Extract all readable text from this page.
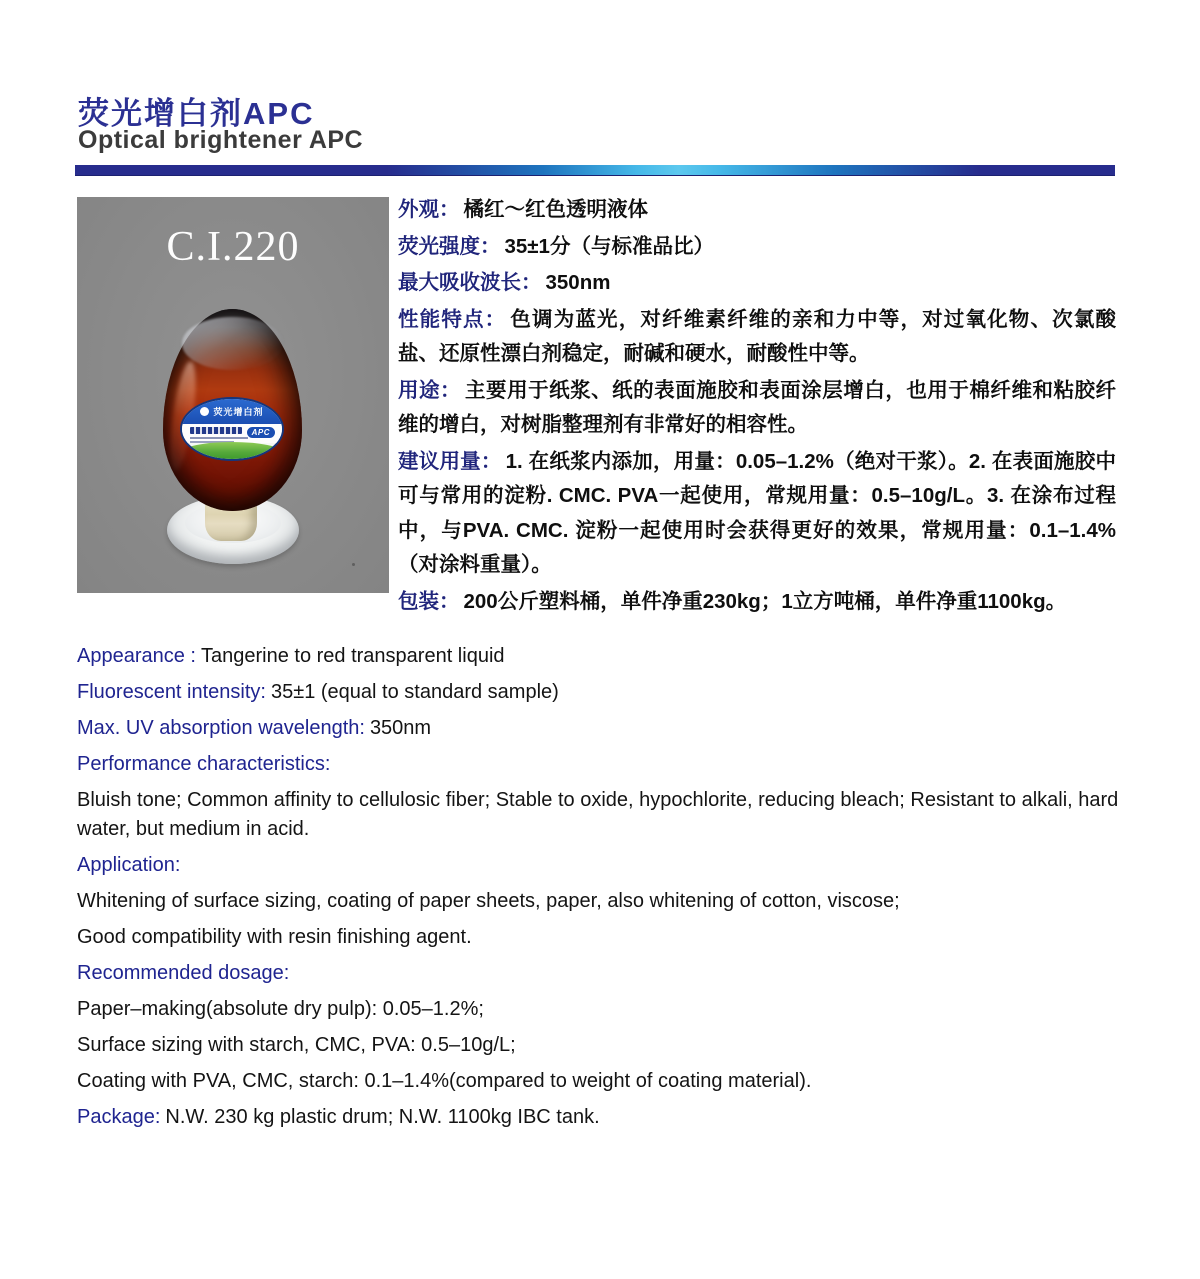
荧光增白剂APC
Optical brightener APC
C.I.220
荧光增白剂
APC

外观： 橘红～红色透明液体

荧光强度： 35±1分（与标准品比）

最大吸收波长： 350nm

性能特点： 色调为蓝光，对纤维素纤维的亲和力中等，对过氧化物、次氯酸盐、还原性漂白剂稳定，耐碱和硬水，耐酸性中等。

用途： 主要用于纸浆、纸的表面施胶和表面涂层增白，也用于棉纤维和粘胶纤维的增白，对树脂整理剂有非常好的相容性。

建议用量： 1. 在纸浆内添加，用量：0.05–1.2%（绝对干浆）。2. 在表面施胶中可与常用的淀粉. CMC. PVA一起使用，常规用量：0.5–10g/L。3. 在涂布过程中，与PVA. CMC. 淀粉一起使用时会获得更好的效果，常规用量：0.1–1.4%（对涂料重量）。

包装： 200公斤塑料桶，单件净重230kg；1立方吨桶，单件净重1100kg。

Appearance : Tangerine to red transparent liquid

Fluorescent intensity: 35±1 (equal to standard sample)

Max. UV absorption wavelength: 350nm

Performance characteristics:

Bluish tone; Common affinity to cellulosic fiber; Stable to oxide, hypochlorite, reducing bleach; Resistant to alkali, hard water, but medium in acid.

Application:

Whitening of surface sizing, coating of paper sheets, paper, also whitening of cotton, viscose;

Good compatibility with resin finishing agent.

Recommended dosage:

Paper–making(absolute dry pulp): 0.05–1.2%;

Surface sizing with starch, CMC, PVA: 0.5–10g/L;

Coating with PVA, CMC, starch: 0.1–1.4%(compared to weight of coating material).

Package: N.W. 230 kg plastic drum; N.W. 1100kg IBC tank.
